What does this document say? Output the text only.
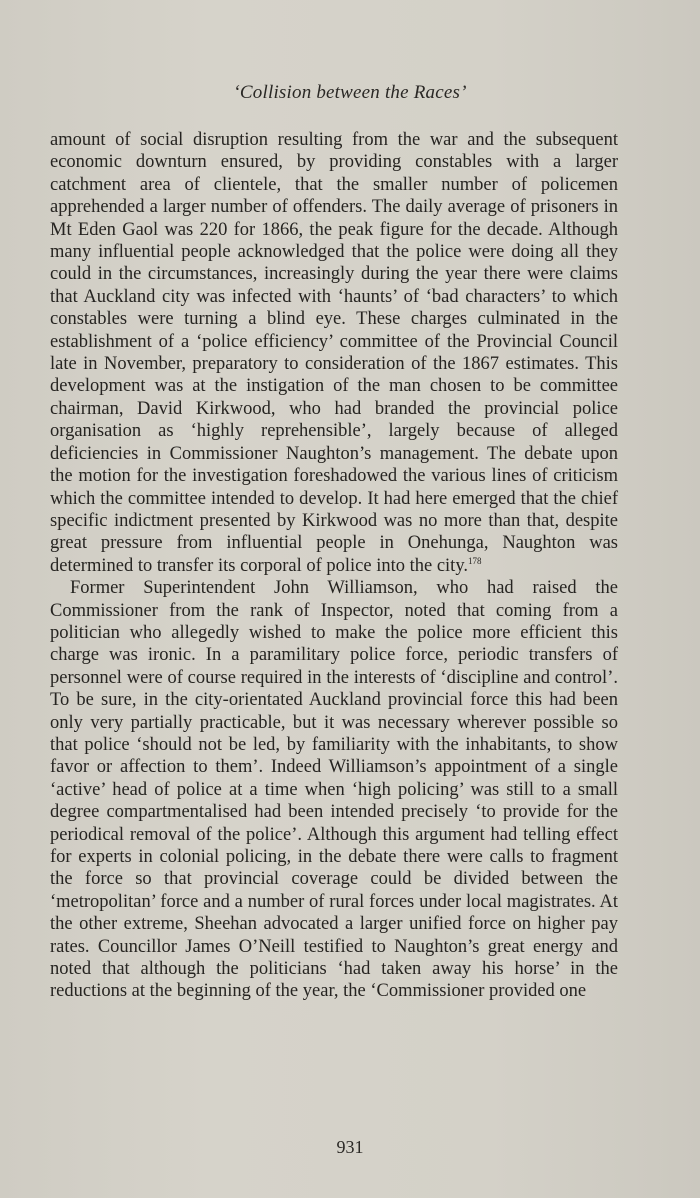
‘Collision between the Races’

amount of social disruption resulting from the war and the subsequent economic downturn ensured, by providing constables with a larger catchment area of clientele, that the smaller number of policemen apprehended a larger number of offenders. The daily average of prisoners in Mt Eden Gaol was 220 for 1866, the peak figure for the decade. Although many influential people acknowledged that the police were doing all they could in the circumstances, increasingly during the year there were claims that Auckland city was infected with ‘haunts’ of ‘bad characters’ to which constables were turning a blind eye. These charges culminated in the establishment of a ‘police efficiency’ committee of the Provincial Council late in November, preparatory to consideration of the 1867 estimates. This development was at the instigation of the man chosen to be committee chairman, David Kirkwood, who had branded the provincial police organisation as ‘highly reprehensible’, largely because of alleged deficiencies in Commissioner Naughton’s management. The debate upon the motion for the investigation foreshadowed the various lines of criticism which the committee intended to develop. It had here emerged that the chief specific indictment presented by Kirkwood was no more than that, despite great pressure from influential people in Onehunga, Naughton was determined to transfer its corporal of police into the city.$^{178}$

Former Superintendent John Williamson, who had raised the Commissioner from the rank of Inspector, noted that coming from a politician who allegedly wished to make the police more efficient this charge was ironic. In a paramilitary police force, periodic transfers of personnel were of course required in the interests of ‘discipline and control’. To be sure, in the city-orientated Auckland provincial force this had been only very partially practicable, but it was necessary wherever possible so that police ‘should not be led, by familiarity with the inhabitants, to show favor or affection to them’. Indeed Williamson’s appointment of a single ‘active’ head of police at a time when ‘high policing’ was still to a small degree compartmentalised had been intended precisely ‘to provide for the periodical removal of the police’. Although this argument had telling effect for experts in colonial policing, in the debate there were calls to fragment the force so that provincial coverage could be divided between the ‘metropolitan’ force and a number of rural forces under local magistrates. At the other extreme, Sheehan advocated a larger unified force on higher pay rates. Councillor James O’Neill testified to Naughton’s great energy and noted that although the politicians ‘had taken away his horse’ in the reductions at the beginning of the year, the ‘Commissioner provided one

931
